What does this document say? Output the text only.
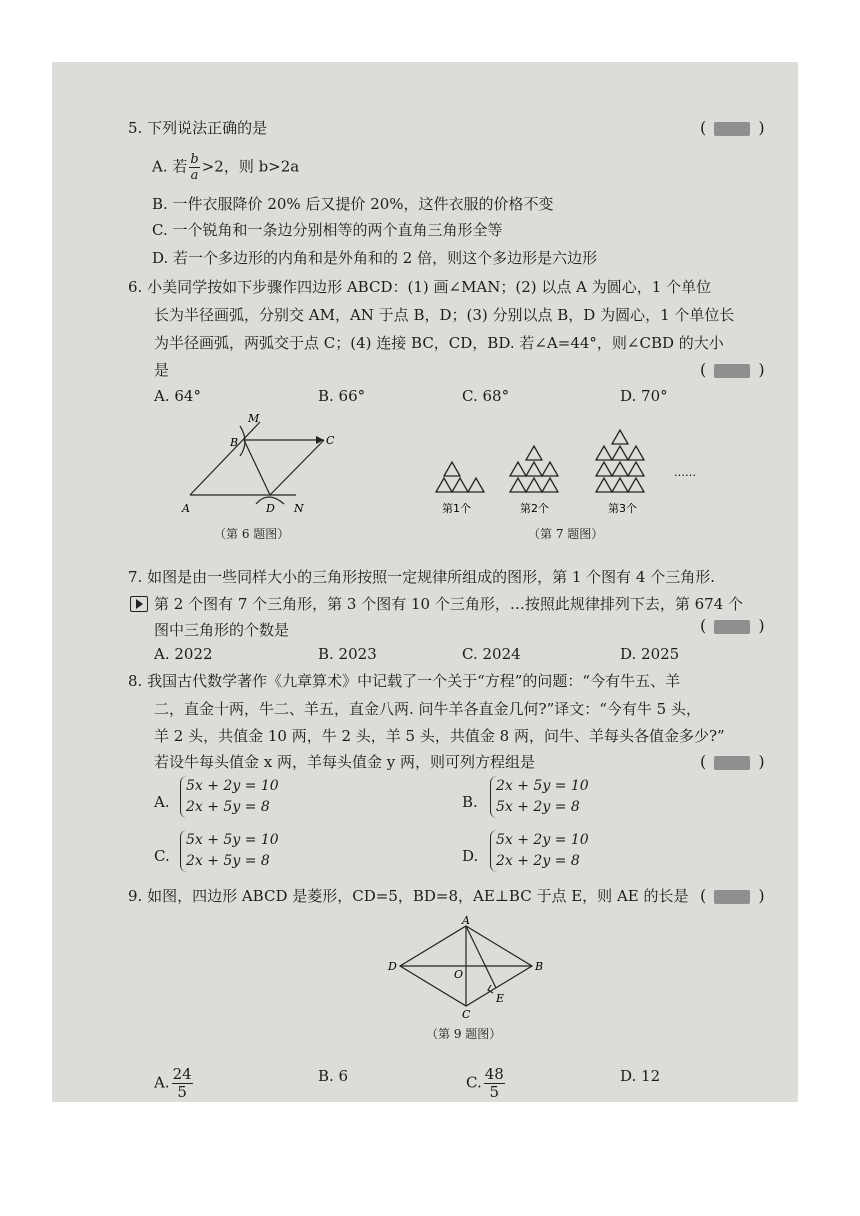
5. 下列说法正确的是	(	)
A. 若 $\frac{b}{a} >2$，则 b>2a
B. 一件衣服降价 20% 后又提价 20%，这件衣服的价格不变
C. 一个锐角和一条边分别相等的两个直角三角形全等
D. 若一个多边形的内角和是外角和的 2 倍，则这个多边形是六边形
6. 小美同学按如下步骤作四边形 ABCD：(1) 画∠MAN；(2) 以点 A 为圆心，1 个单位
长为半径画弧，分别交 AM，AN 于点 B，D；(3) 分别以点 B，D 为圆心，1 个单位长
为半径画弧，两弧交于点 C；(4) 连接 BC，CD，BD. 若∠A=44°，则∠CBD 的大小
是	(	)
A. 64°	B. 66°	C. 68°	D. 70°
M
B	C
A	D N
（第 6 题图）
第1个	第2个	第3个
……
（第 7 题图）
7. 如图是由一些同样大小的三角形按照一定规律所组成的图形，第 1 个图有 4 个三角形.
第 2 个图有 7 个三角形，第 3 个图有 10 个三角形，…按照此规律排列下去，第 674 个
图中三角形的个数是	(	)
A. 2022	B. 2023	C. 2024	D. 2025
8. 我国古代数学著作《九章算术》中记载了一个关于“方程”的问题：“今有牛五、羊
二，直金十两，牛二、羊五，直金八两. 问牛羊各直金几何?”译文：“今有牛 5 头，
羊 2 头，共值金 10 两，牛 2 头，羊 5 头，共值金 8 两，问牛、羊每头各值金多少?”
若设牛每头值金 x 两，羊每头值金 y 两，则可列方程组是	(	)
A.
5x + 2y = 10
2x + 5y = 8	B.
2x + 5y = 10
5x + 2y = 8
C.
5x + 5y = 10
2x + 5y = 8	D.
5x + 2y = 10
2x + 2y = 8
9. 如图，四边形 ABCD 是菱形，CD=5，BD=8，AE⊥BC 于点 E，则 AE 的长是 (	)
A
B
C
D
O
E
（第 9 题图）
A. $\frac{24}{5}$	B. 6	C. $\frac{48}{5}$	D. 12
